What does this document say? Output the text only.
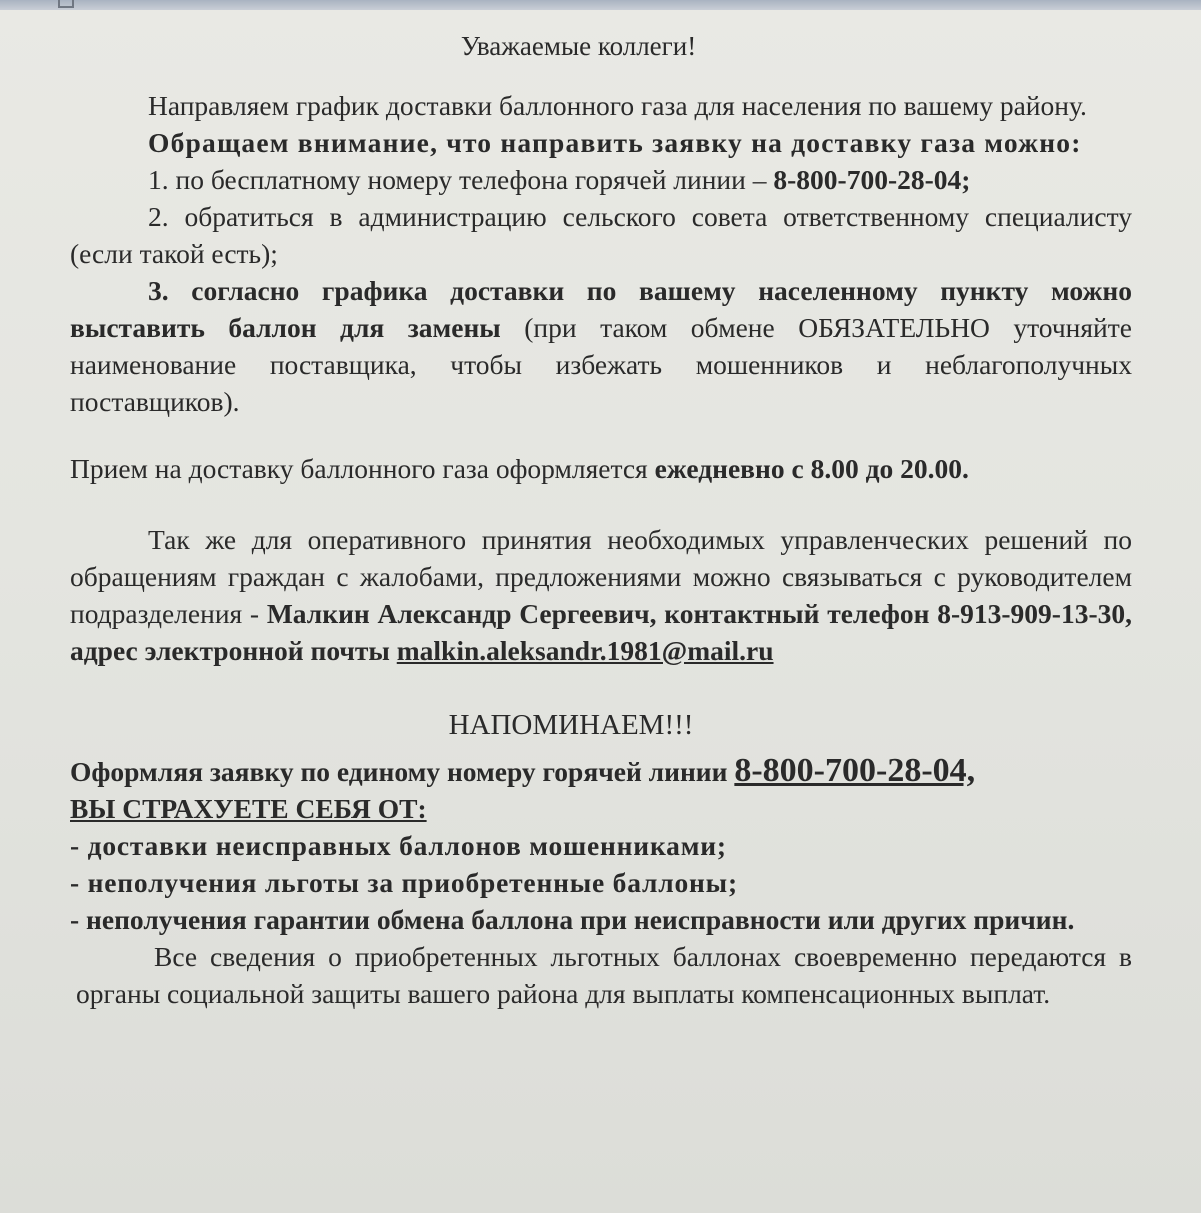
Уважаемые коллеги!

Направляем график доставки баллонного газа для населения по вашему району.

Обращаем внимание, что направить заявку на доставку газа можно:

1. по бесплатному номеру телефона горячей линии – 8-800-700-28-04;

2. обратиться в администрацию сельского совета ответственному специалисту (если такой есть);

3. согласно графика доставки по вашему населенному пункту можно выставить баллон для замены (при таком обмене ОБЯЗАТЕЛЬНО уточняйте наименование поставщика, чтобы избежать мошенников и неблагополучных поставщиков).

Прием на доставку баллонного газа оформляется ежедневно с 8.00 до 20.00.

Так же для оперативного принятия необходимых управленческих решений по обращениям граждан с жалобами, предложениями можно связываться с руководителем подразделения - Малкин Александр Сергеевич, контактный телефон 8-913-909-13-30, адрес электронной почты malkin.aleksandr.1981@mail.ru

НАПОМИНАЕМ!!!

Оформляя заявку по единому номеру горячей линии 8-800-700-28-04,

ВЫ СТРАХУЕТЕ СЕБЯ ОТ:

- доставки неисправных баллонов мошенниками;

- неполучения льготы за приобретенные баллоны;

- неполучения гарантии обмена баллона при неисправности или других причин.

Все сведения о приобретенных льготных баллонах своевременно передаются в органы социальной защиты вашего района для выплаты компенсационных выплат.
